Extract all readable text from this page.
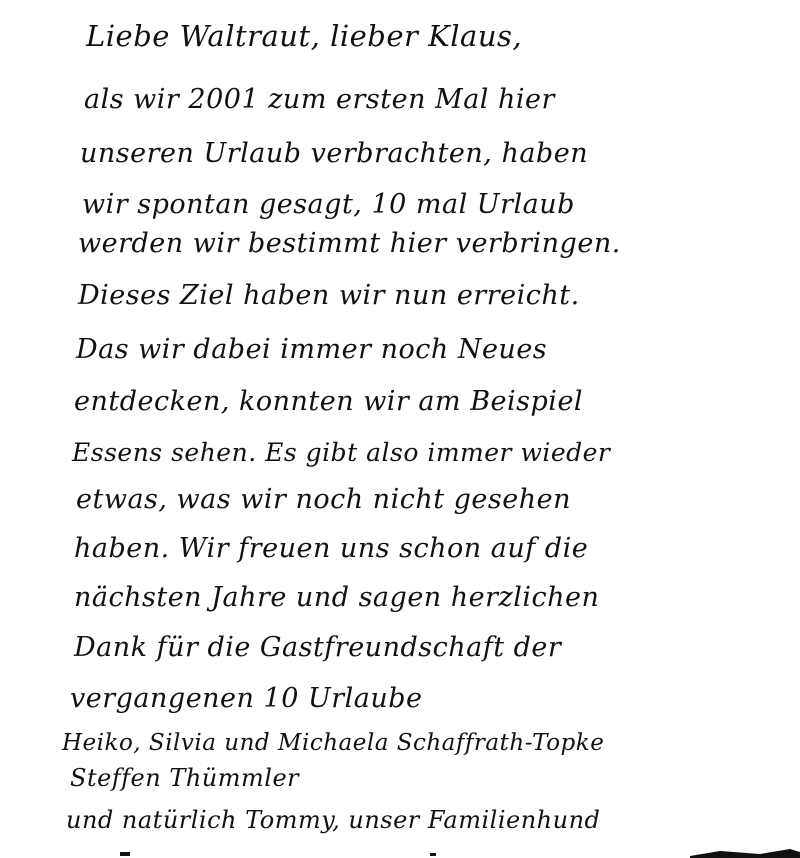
Liebe Waltraut, lieber Klaus,
als wir 2001 zum ersten Mal hier
unseren Urlaub verbrachten, haben
wir spontan gesagt, 10 mal Urlaub
werden wir bestimmt hier verbringen.
Dieses Ziel haben wir nun erreicht.
Das wir dabei immer noch Neues
entdecken, konnten wir am Beispiel
Essens sehen. Es gibt also immer wieder
etwas, was wir noch nicht gesehen
haben. Wir freuen uns schon auf die
nächsten Jahre und sagen herzlichen
Dank für die Gastfreundschaft der
vergangenen 10 Urlaube
Heiko, Silvia und Michaela Schaffrath-Topke
Steffen Thümmler
und natürlich Tommy, unser Familienhund
